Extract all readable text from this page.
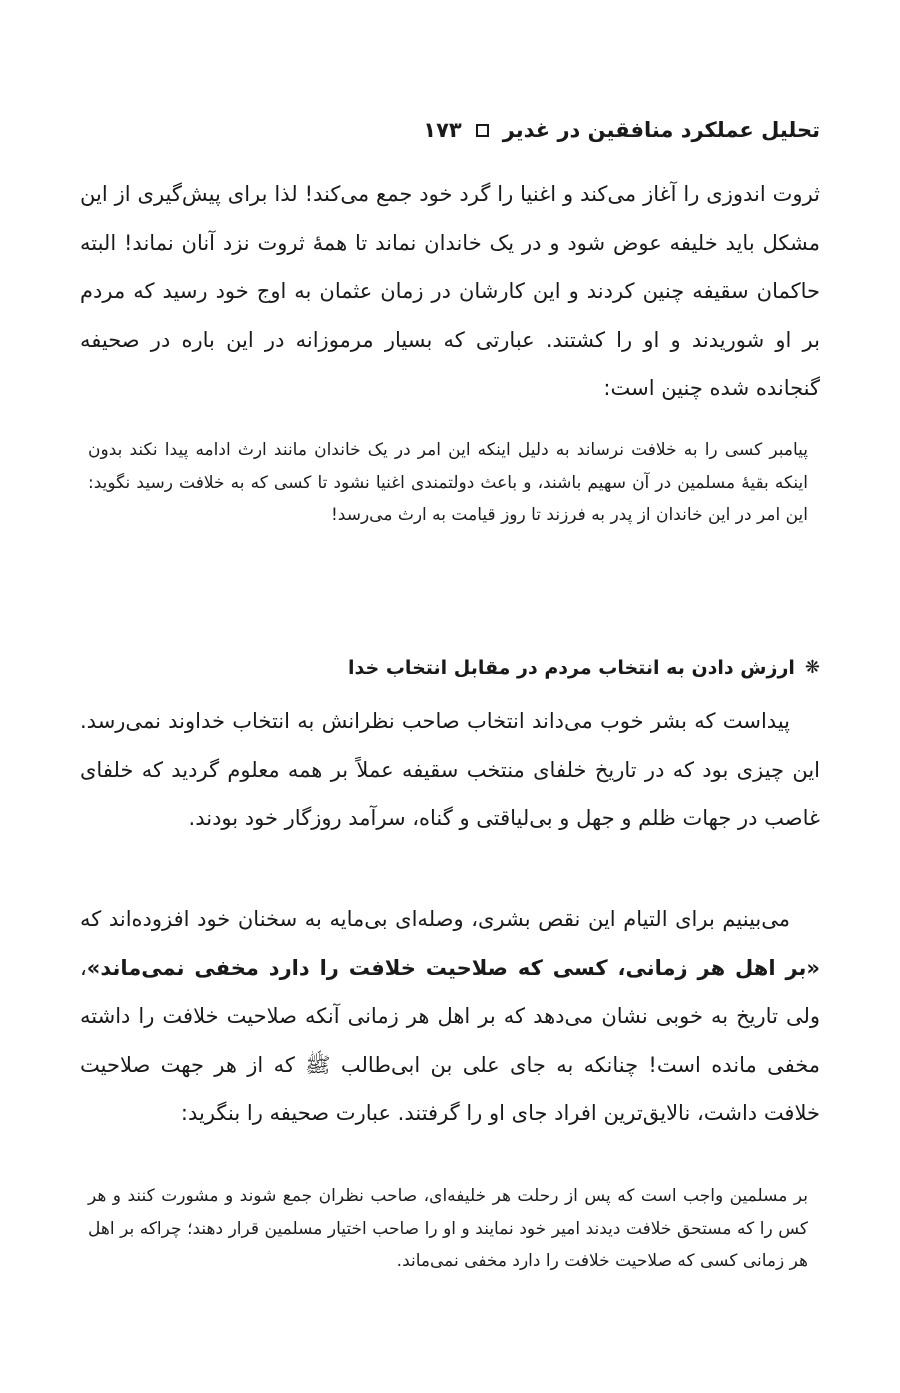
تحلیل عملکرد منافقین در غدیر
۱۷۳

ثروت اندوزی را آغاز می‌کند و اغنیا را گرد خود جمع می‌کند! لذا برای پیش‌گیری از این مشکل باید خلیفه عوض شود و در یک خاندان نماند تا همهٔ ثروت نزد آنان نماند! البته حاکمان سقیفه چنین کردند و این کارشان در زمان عثمان به اوج خود رسید که مردم بر او شوریدند و او را کشتند. عبارتی که بسیار مرموزانه در این باره در صحیفه گنجانده شده چنین است:

پیامبر کسی را به خلافت نرساند به دلیل اینکه این امر در یک خاندان مانند ارث ادامه پیدا نکند بدون اینکه بقیهٔ مسلمین در آن سهیم باشند، و باعث دولتمندی اغنیا نشود تا کسی که به خلافت رسید نگوید: این امر در این خاندان از پدر به فرزند تا روز قیامت به ارث می‌رسد!

❋
ارزش دادن به انتخاب مردم در مقابل انتخاب خدا

پیداست که بشر خوب می‌داند انتخاب صاحب نظرانش به انتخاب خداوند نمی‌رسد. این چیزی بود که در تاریخ خلفای منتخب سقیفه عملاً بر همه معلوم گردید که خلفای غاصب در جهات ظلم و جهل و بی‌لیاقتی و گناه، سرآمد روزگار خود بودند.

می‌بینیم برای التیام این نقص بشری، وصله‌ای بی‌مایه به سخنان خود افزوده‌اند که «بر اهل هر زمانی، کسی که صلاحیت خلافت را دارد مخفی نمی‌ماند»، ولی تاریخ به خوبی نشان می‌دهد که بر اهل هر زمانی آنکه صلاحیت خلافت را داشته مخفی مانده است! چنانکه به جای علی بن ابی‌طالب ﷺ که از هر جهت صلاحیت خلافت داشت، نالایق‌ترین افراد جای او را گرفتند. عبارت صحیفه را بنگرید:

بر مسلمین واجب است که پس از رحلت هر خلیفه‌ای، صاحب نظران جمع شوند و مشورت کنند و هر کس را که مستحق خلافت دیدند امیر خود نمایند و او را صاحب اختیار مسلمین قرار دهند؛ چراکه بر اهل هر زمانی کسی که صلاحیت خلافت را دارد مخفی نمی‌ماند.
